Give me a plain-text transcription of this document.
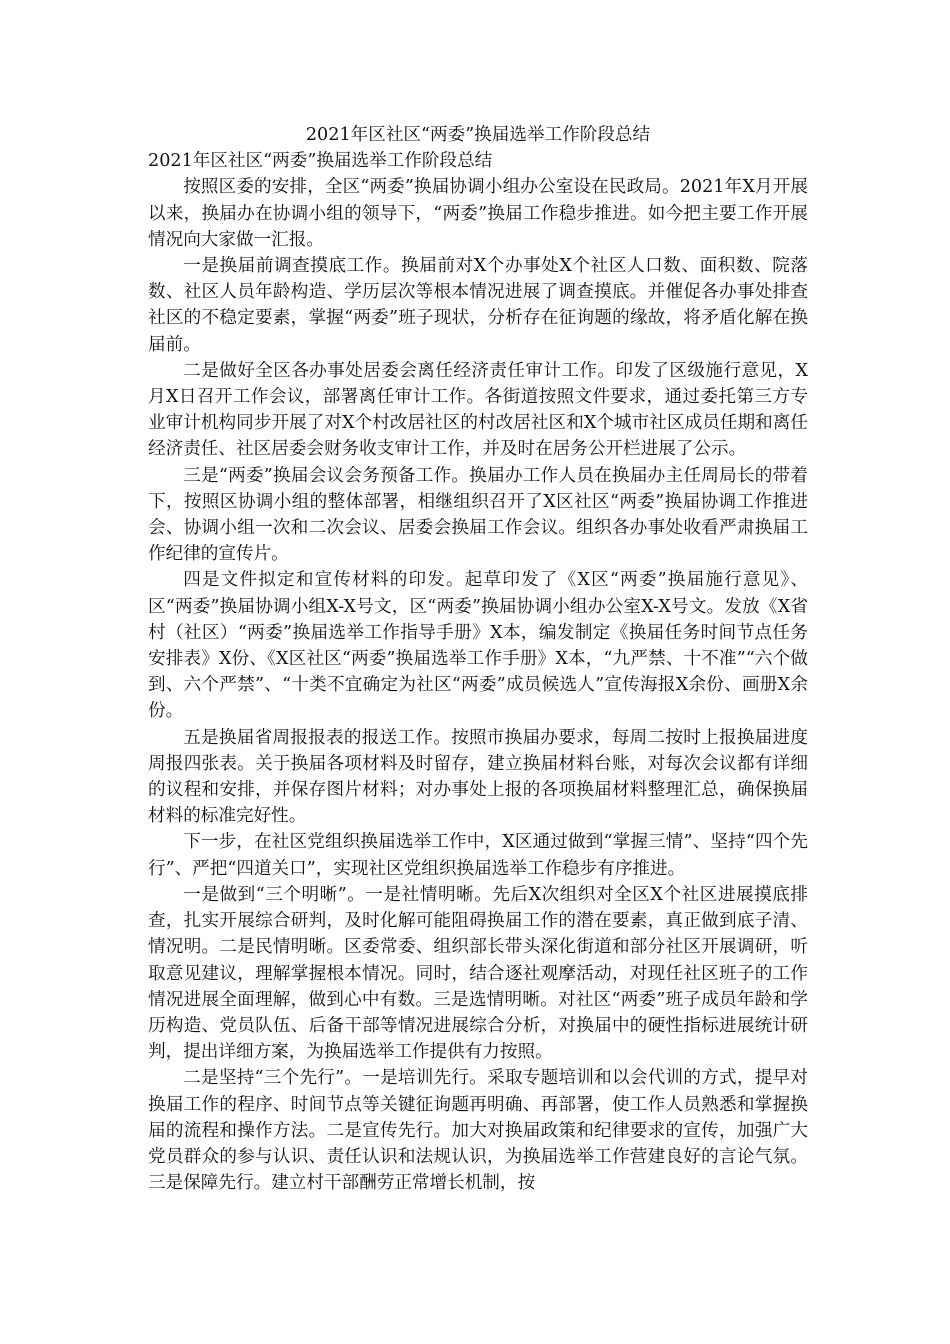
2021年区社区“两委”换届选举工作阶段总结

2021年区社区“两委”换届选举工作阶段总结

按照区委的安排，全区“两委”换届协调小组办公室设在民政局。2021年X月开展以来，换届办在协调小组的领导下，“两委”换届工作稳步推进。如今把主要工作开展情况向大家做一汇报。

一是换届前调查摸底工作。换届前对X个办事处X个社区人口数、面积数、院落数、社区人员年龄构造、学历层次等根本情况进展了调查摸底。并催促各办事处排查社区的不稳定要素，掌握“两委”班子现状，分析存在征询题的缘故，将矛盾化解在换届前。

二是做好全区各办事处居委会离任经济责任审计工作。印发了区级施行意见，X月X日召开工作会议，部署离任审计工作。各街道按照文件要求，通过委托第三方专业审计机构同步开展了对X个村改居社区的村改居社区和X个城市社区成员任期和离任经济责任、社区居委会财务收支审计工作，并及时在居务公开栏进展了公示。

三是“两委”换届会议会务预备工作。换届办工作人员在换届办主任周局长的带着下，按照区协调小组的整体部署，相继组织召开了X区社区“两委”换届协调工作推进会、协调小组一次和二次会议、居委会换届工作会议。组织各办事处收看严肃换届工作纪律的宣传片。

四是文件拟定和宣传材料的印发。起草印发了《X区“两委”换届施行意见》、区“两委”换届协调小组X-X号文，区“两委”换届协调小组办公室X-X号文。发放《X省村（社区）“两委”换届选举工作指导手册》X本，编发制定《换届任务时间节点任务安排表》X份、《X区社区“两委”换届选举工作手册》X本，“九严禁、十不准”“六个做到、六个严禁”、“十类不宜确定为社区“两委”成员候选人”宣传海报X余份、画册X余份。

五是换届省周报报表的报送工作。按照市换届办要求，每周二按时上报换届进度周报四张表。关于换届各项材料及时留存，建立换届材料台账，对每次会议都有详细的议程和安排，并保存图片材料；对办事处上报的各项换届材料整理汇总，确保换届材料的标准完好性。

下一步，在社区党组织换届选举工作中，X区通过做到“掌握三情”、坚持“四个先行”、严把“四道关口”，实现社区党组织换届选举工作稳步有序推进。

一是做到“三个明晰”。一是社情明晰。先后X次组织对全区X个社区进展摸底排查，扎实开展综合研判，及时化解可能阻碍换届工作的潜在要素，真正做到底子清、情况明。二是民情明晰。区委常委、组织部长带头深化街道和部分社区开展调研，听取意见建议，理解掌握根本情况。同时，结合逐社观摩活动，对现任社区班子的工作情况进展全面理解，做到心中有数。三是选情明晰。对社区“两委”班子成员年龄和学历构造、党员队伍、后备干部等情况进展综合分析，对换届中的硬性指标进展统计研判，提出详细方案，为换届选举工作提供有力按照。

二是坚持“三个先行”。一是培训先行。采取专题培训和以会代训的方式，提早对换届工作的程序、时间节点等关键征询题再明确、再部署，使工作人员熟悉和掌握换届的流程和操作方法。二是宣传先行。加大对换届政策和纪律要求的宣传，加强广大党员群众的参与认识、责任认识和法规认识，为换届选举工作营建良好的言论气氛。三是保障先行。建立村干部酬劳正常增长机制，按
